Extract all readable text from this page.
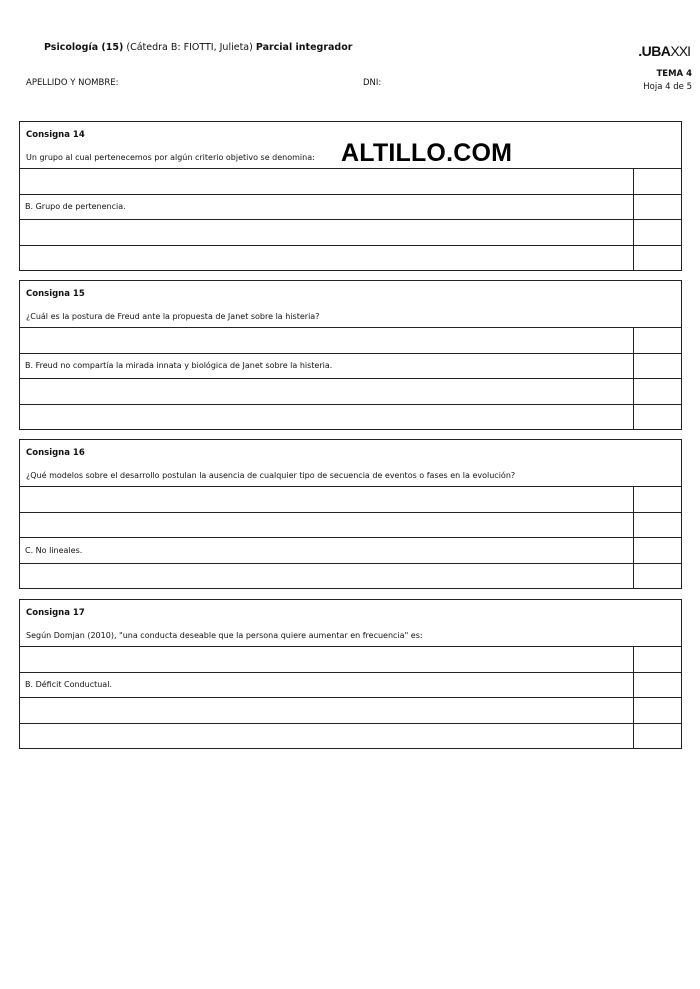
Psicología (15) (Cátedra B: FIOTTI, Julieta) Parcial integrador	.UBAXXI
APELLIDO Y NOMBRE:	DNI:
TEMA 4
Hoja 4 de 5
Consigna 14
Un grupo al cual pertenecemos por algún criterio objetivo se denomina:
B. Grupo de pertenencia.
Consigna 15
¿Cuál es la postura de Freud ante la propuesta de Janet sobre la histeria?
B. Freud no compartía la mirada innata y biológica de Janet sobre la histeria.
Consigna 16
¿Qué modelos sobre el desarrollo postulan la ausencia de cualquier tipo de secuencia de eventos o fases en la evolución?
C. No lineales.
Consigna 17
Según Domjan (2010), "una conducta deseable que la persona quiere aumentar en frecuencia" es:
B. Déficit Conductual.
ALTILLO.COM
